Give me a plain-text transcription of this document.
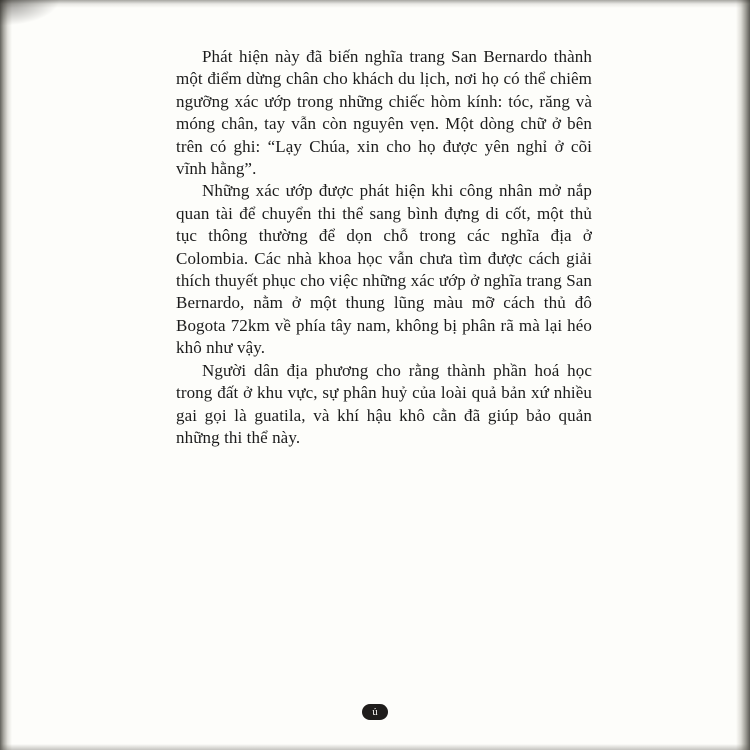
Phát hiện này đã biến nghĩa trang San Bernardo thành một điểm dừng chân cho khách du lịch, nơi họ có thể chiêm ngưỡng xác ướp trong những chiếc hòm kính: tóc, răng và móng chân, tay vẫn còn nguyên vẹn. Một dòng chữ ở bên trên có ghi: “Lạy Chúa, xin cho họ được yên nghỉ ở cõi vĩnh hằng”.

Những xác ướp được phát hiện khi công nhân mở nắp quan tài để chuyển thi thể sang bình đựng di cốt, một thủ tục thông thường để dọn chỗ trong các nghĩa địa ở Colombia. Các nhà khoa học vẫn chưa tìm được cách giải thích thuyết phục cho việc những xác ướp ở nghĩa trang San Bernardo, nằm ở một thung lũng màu mỡ cách thủ đô Bogota 72km về phía tây nam, không bị phân rã mà lại héo khô như vậy.

Người dân địa phương cho rằng thành phần hoá học trong đất ở khu vực, sự phân huỷ của loài quả bản xứ nhiều gai gọi là guatila, và khí hậu khô cằn đã giúp bảo quản những thi thể này.

ủ
